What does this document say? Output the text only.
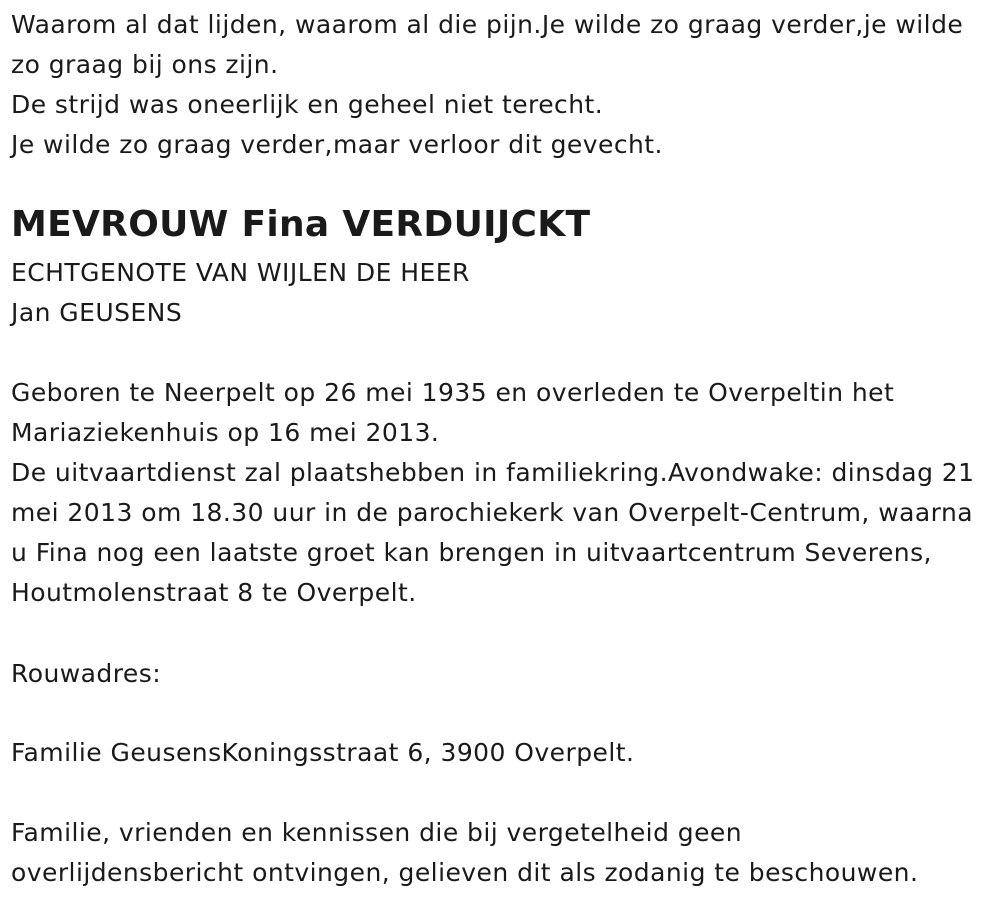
Waarom al dat lijden, waarom al die pijn.Je wilde zo graag verder,je wilde
zo graag bij ons zijn.
De strijd was oneerlijk en geheel niet terecht.
Je wilde zo graag verder,maar verloor dit gevecht.
MEVROUW Fina VERDUIJCKT
ECHTGENOTE VAN WIJLEN DE HEER
Jan GEUSENS
Geboren te Neerpelt op 26 mei 1935 en overleden te Overpeltin het
Mariaziekenhuis op 16 mei 2013.
De uitvaartdienst zal plaatshebben in familiekring.Avondwake: dinsdag 21
mei 2013 om 18.30 uur in de parochiekerk van Overpelt-Centrum, waarna
u Fina nog een laatste groet kan brengen in uitvaartcentrum Severens,
Houtmolenstraat 8 te Overpelt.
Rouwadres:
Familie GeusensKoningsstraat 6, 3900 Overpelt.
Familie, vrienden en kennissen die bij vergetelheid geen
overlijdensbericht ontvingen, gelieven dit als zodanig te beschouwen.
